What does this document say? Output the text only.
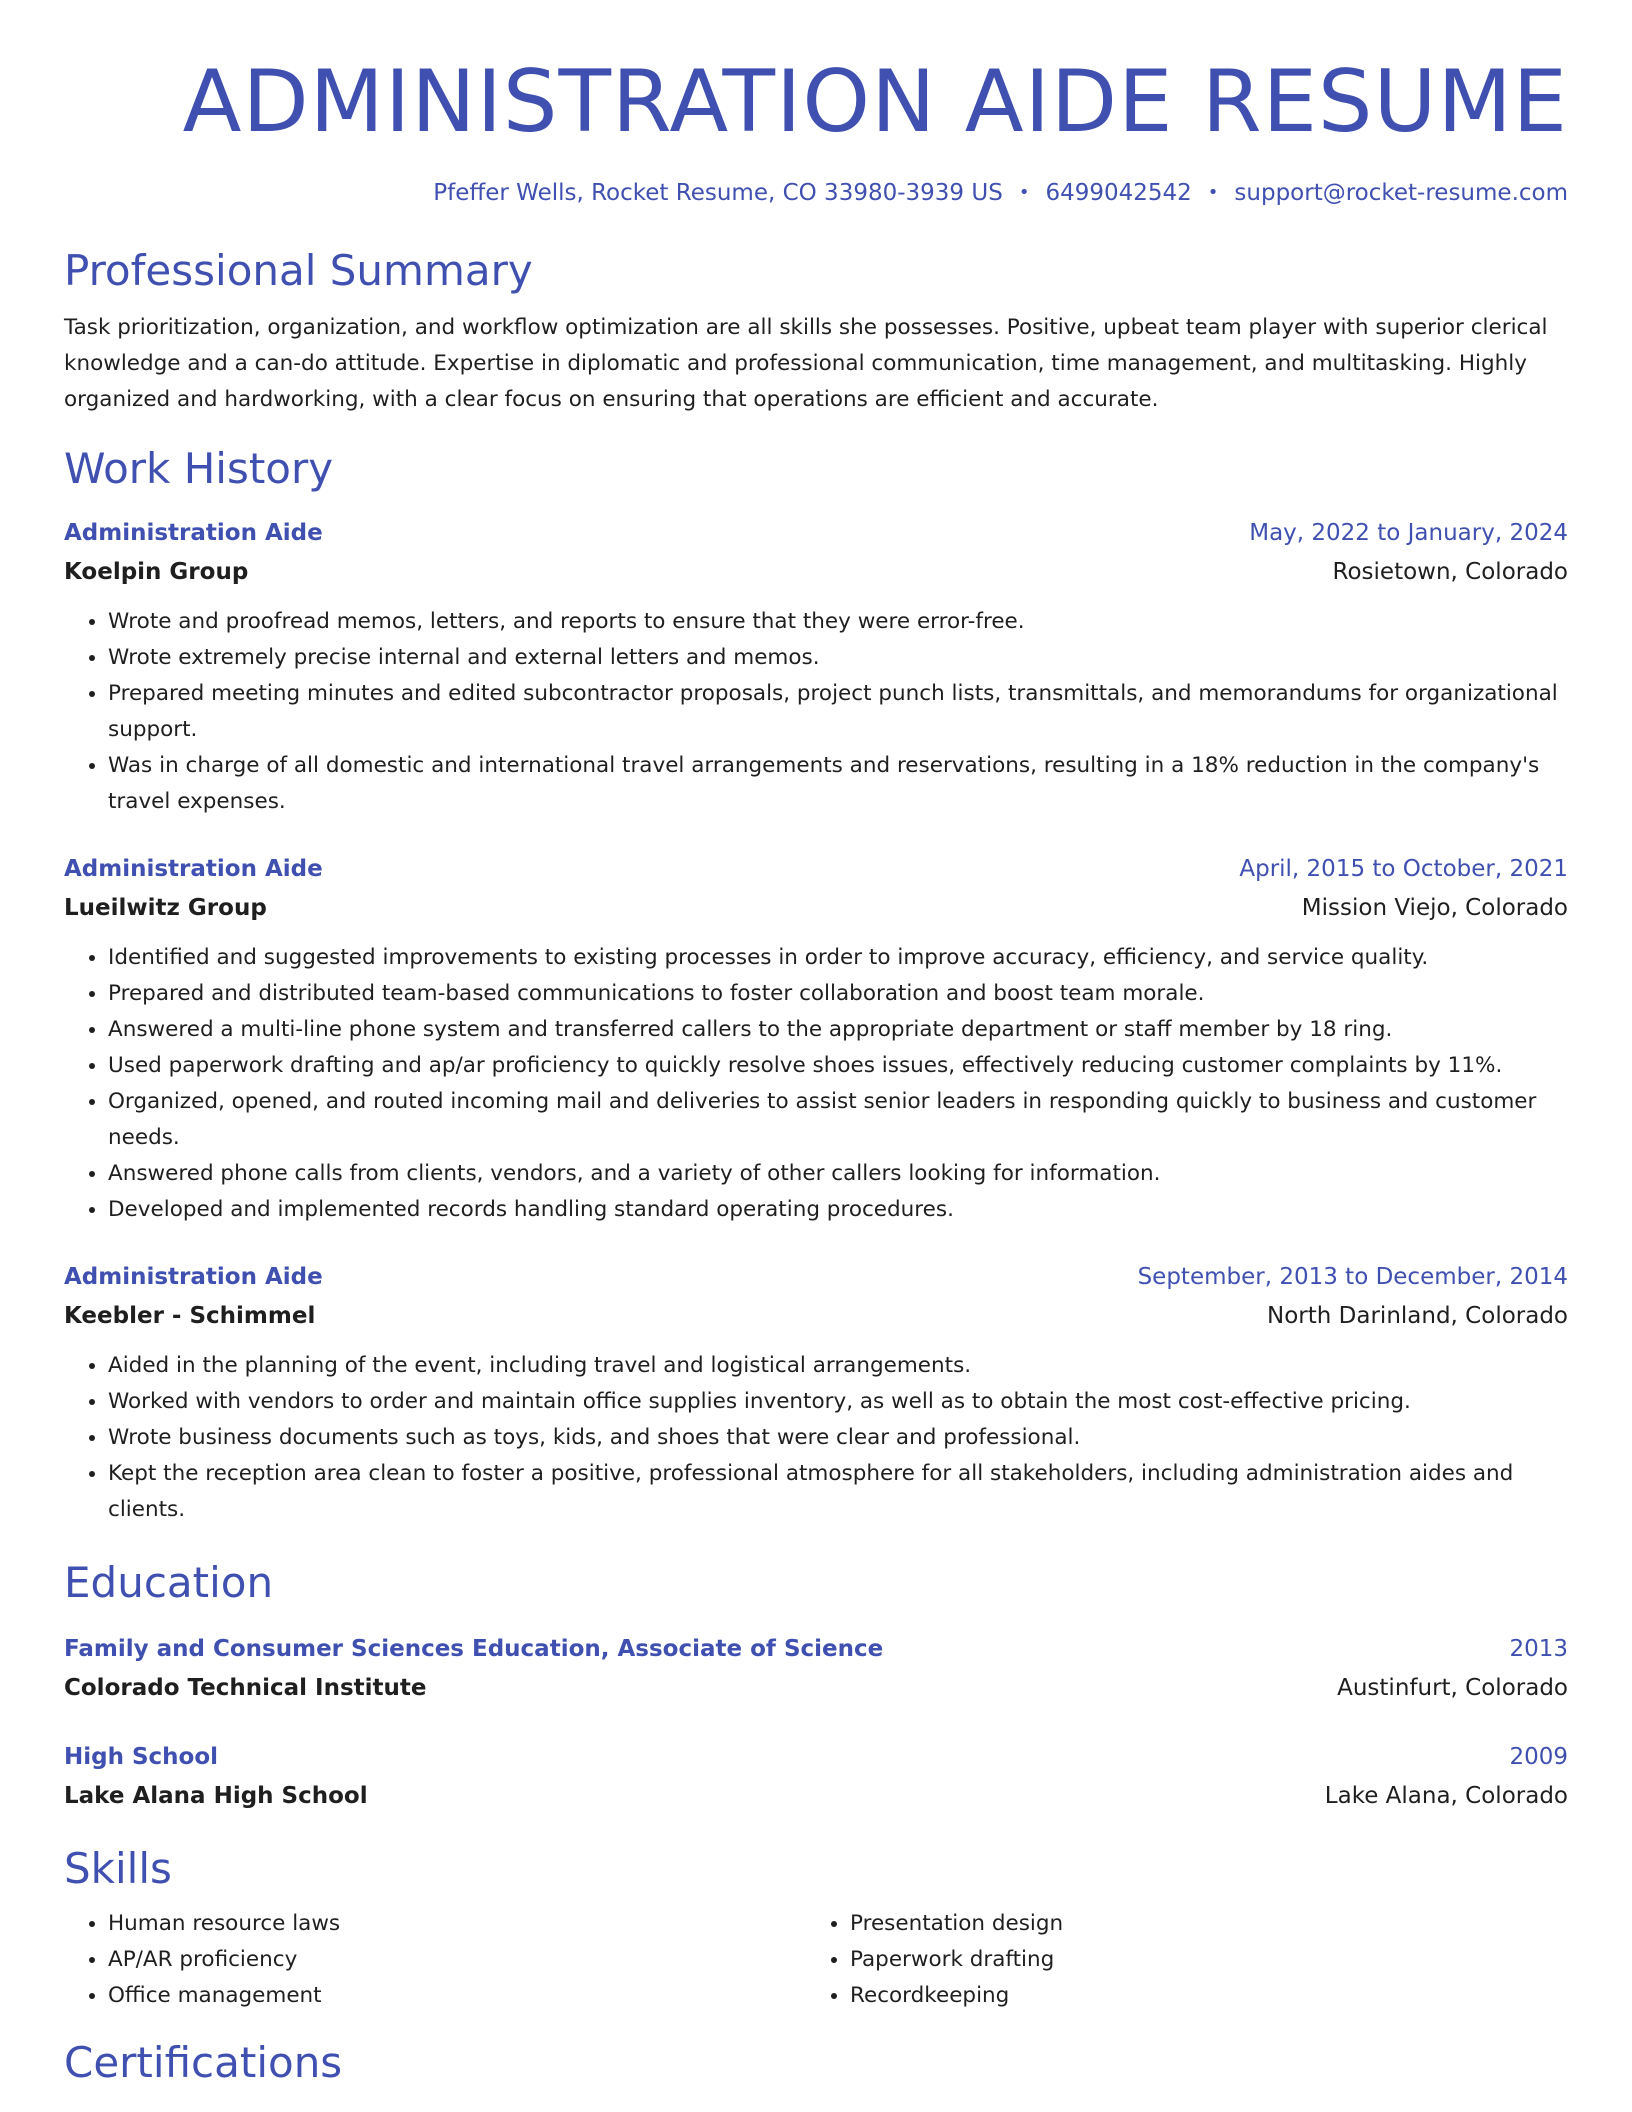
ADMINISTRATION AIDE RESUME
Pfeffer Wells, Rocket Resume, CO 33980-3939 US • 6499042542 • support@rocket-resume.com
Professional Summary
Task prioritization, organization, and workflow optimization are all skills she possesses. Positive, upbeat team player with superior clerical knowledge and a can-do attitude. Expertise in diplomatic and professional communication, time management, and multitasking. Highly organized and hardworking, with a clear focus on ensuring that operations are efficient and accurate.
Work History
Administration Aide	May, 2022 to January, 2024
Koelpin Group	Rosietown, Colorado
• Wrote and proofread memos, letters, and reports to ensure that they were error-free.
• Wrote extremely precise internal and external letters and memos.
• Prepared meeting minutes and edited subcontractor proposals, project punch lists, transmittals, and memorandums for organizational support.
• Was in charge of all domestic and international travel arrangements and reservations, resulting in a 18% reduction in the company's travel expenses.
Administration Aide	April, 2015 to October, 2021
Lueilwitz Group	Mission Viejo, Colorado
• Identified and suggested improvements to existing processes in order to improve accuracy, efficiency, and service quality.
• Prepared and distributed team-based communications to foster collaboration and boost team morale.
• Answered a multi-line phone system and transferred callers to the appropriate department or staff member by 18 ring.
• Used paperwork drafting and ap/ar proficiency to quickly resolve shoes issues, effectively reducing customer complaints by 11%.
• Organized, opened, and routed incoming mail and deliveries to assist senior leaders in responding quickly to business and customer needs.
• Answered phone calls from clients, vendors, and a variety of other callers looking for information.
• Developed and implemented records handling standard operating procedures.
Administration Aide	September, 2013 to December, 2014
Keebler - Schimmel	North Darinland, Colorado
• Aided in the planning of the event, including travel and logistical arrangements.
• Worked with vendors to order and maintain office supplies inventory, as well as to obtain the most cost-effective pricing.
• Wrote business documents such as toys, kids, and shoes that were clear and professional.
• Kept the reception area clean to foster a positive, professional atmosphere for all stakeholders, including administration aides and clients.
Education
Family and Consumer Sciences Education, Associate of Science	2013
Colorado Technical Institute	Austinfurt, Colorado
High School	2009
Lake Alana High School	Lake Alana, Colorado
Skills
• Human resource laws
• AP/AR proficiency
• Office management
• Presentation design
• Paperwork drafting
• Recordkeeping
Certifications
